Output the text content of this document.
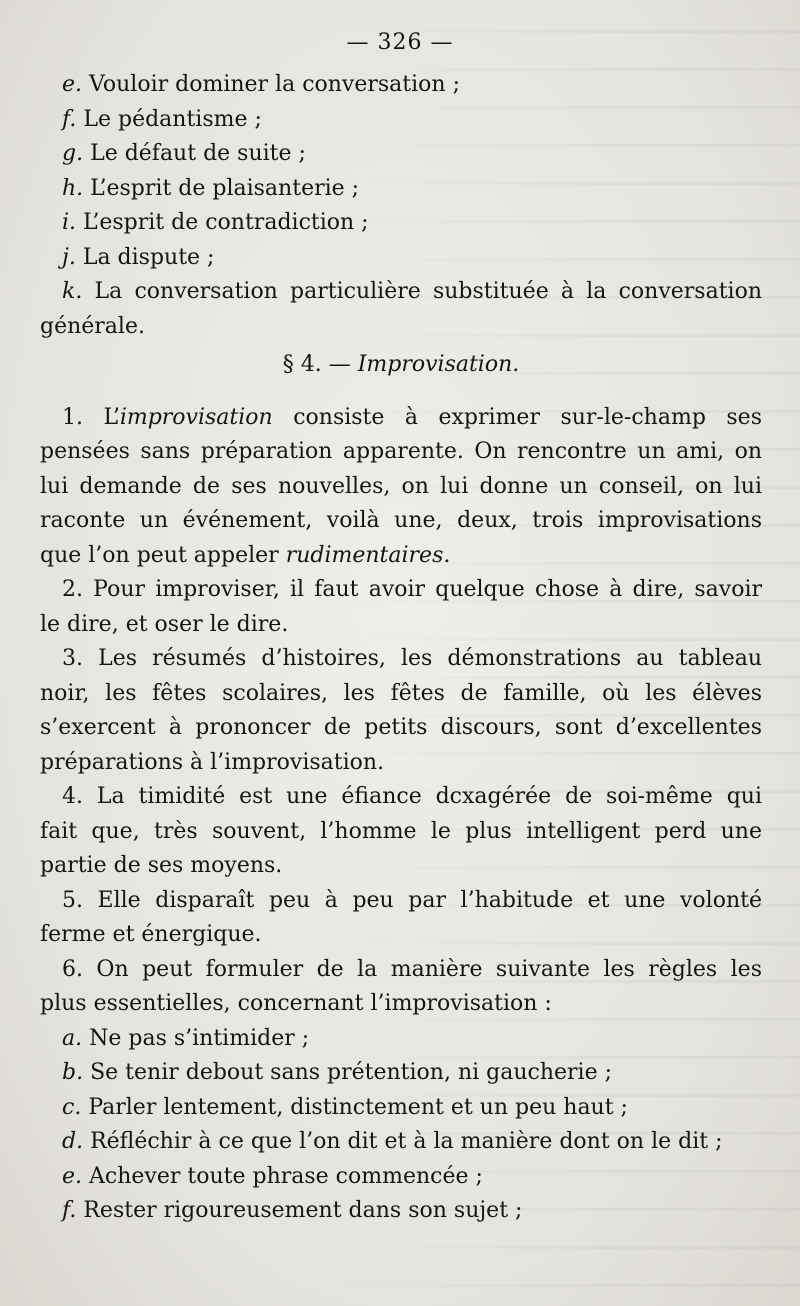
— 326 —
e. Vouloir dominer la conversation ;
f. Le pédantisme ;
g. Le défaut de suite ;
h. L’esprit de plaisanterie ;
i. L’esprit de contradiction ;
j. La dispute ;
k. La conversation particulière substituée à la conversation
générale.
§ 4. — Improvisation.
1. L’improvisation consiste à exprimer sur-le-champ ses
pensées sans préparation apparente. On rencontre un ami, on
lui demande de ses nouvelles, on lui donne un conseil, on lui
raconte un événement, voilà une, deux, trois improvisations
que l’on peut appeler rudimentaires.
2. Pour improviser, il faut avoir quelque chose à dire, savoir
le dire, et oser le dire.
3. Les résumés d’histoires, les démonstrations au tableau
noir, les fêtes scolaires, les fêtes de famille, où les élèves
s’exercent à prononcer de petits discours, sont d’excellentes
préparations à l’improvisation.
4. La timidité est une éfiance dcxagérée de soi-même qui
fait que, très souvent, l’homme le plus intelligent perd une
partie de ses moyens.
5. Elle disparaît peu à peu par l’habitude et une volonté
ferme et énergique.
6. On peut formuler de la manière suivante les règles les
plus essentielles, concernant l’improvisation :
a. Ne pas s’intimider ;
b. Se tenir debout sans prétention, ni gaucherie ;
c. Parler lentement, distinctement et un peu haut ;
d. Réfléchir à ce que l’on dit et à la manière dont on le dit ;
e. Achever toute phrase commencée ;
f. Rester rigoureusement dans son sujet ;
